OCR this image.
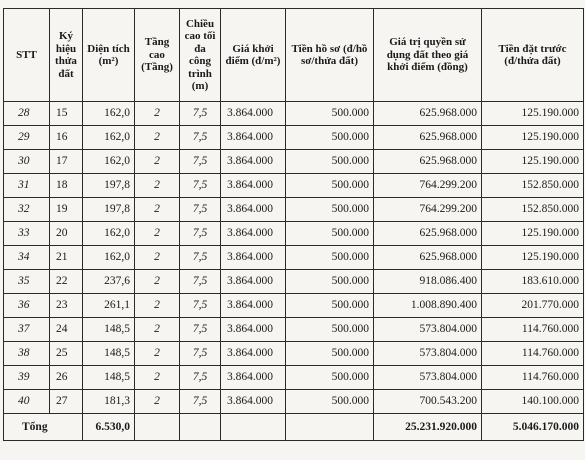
STT	Ký hiệu thửa đất	Diện tích (m²)	Tầng cao (Tầng)	Chiều cao tối đa công trình (m)	Giá khởi điểm (đ/m²)	Tiền hồ sơ (đ/hồ sơ/thửa đất)	Giá trị quyền sử dụng đất theo giá khởi điểm (đồng)	Tiền đặt trước (đ/thửa đất)
28	15	162,0	2	7,5	3.864.000	500.000	625.968.000	125.190.000
29	16	162,0	2	7,5	3.864.000	500.000	625.968.000	125.190.000
30	17	162,0	2	7,5	3.864.000	500.000	625.968.000	125.190.000
31	18	197,8	2	7,5	3.864.000	500.000	764.299.200	152.850.000
32	19	197,8	2	7,5	3.864.000	500.000	764.299.200	152.850.000
33	20	162,0	2	7,5	3.864.000	500.000	625.968.000	125.190.000
34	21	162,0	2	7,5	3.864.000	500.000	625.968.000	125.190.000
35	22	237,6	2	7,5	3.864.000	500.000	918.086.400	183.610.000
36	23	261,1	2	7,5	3.864.000	500.000	1.008.890.400	201.770.000
37	24	148,5	2	7,5	3.864.000	500.000	573.804.000	114.760.000
38	25	148,5	2	7,5	3.864.000	500.000	573.804.000	114.760.000
39	26	148,5	2	7,5	3.864.000	500.000	573.804.000	114.760.000
40	27	181,3	2	7,5	3.864.000	500.000	700.543.200	140.100.000
Tổng		6.530,0					25.231.920.000	5.046.170.000
